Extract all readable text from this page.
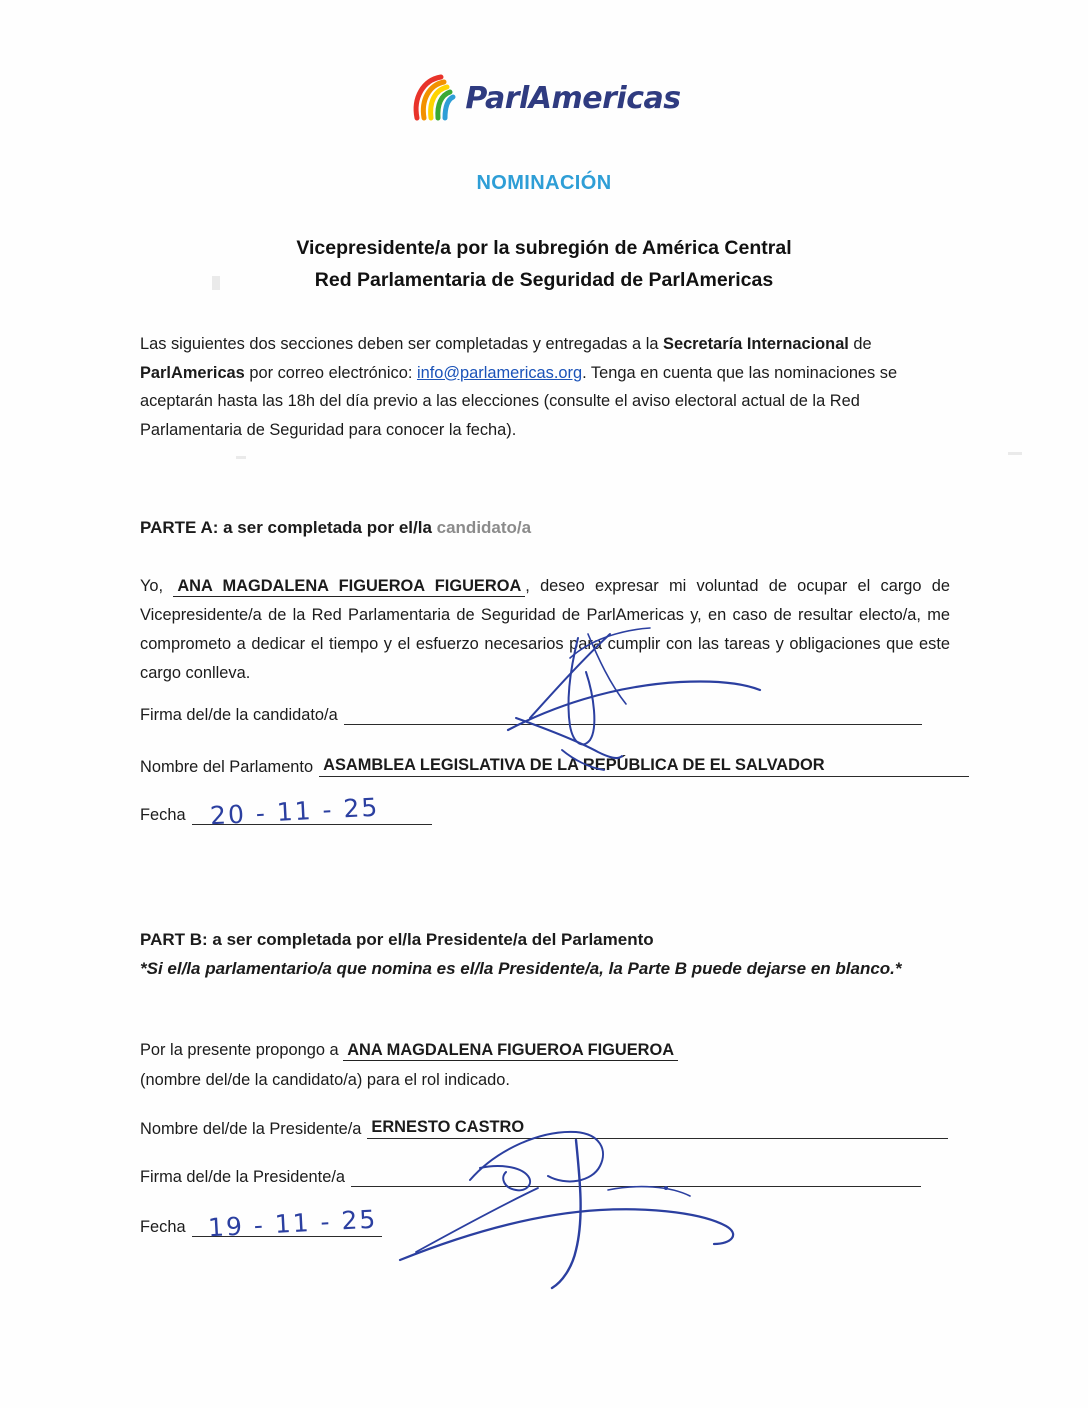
ParlAmericas
NOMINACIÓN
Vicepresidente/a por la subregión de América Central
Red Parlamentaria de Seguridad de ParlAmericas
Las siguientes dos secciones deben ser completadas y entregadas a la Secretaría Internacional de ParlAmericas por correo electrónico: info@parlamericas.org. Tenga en cuenta que las nominaciones se aceptarán hasta las 18h del día previo a las elecciones (consulte el aviso electoral actual de la Red Parlamentaria de Seguridad para conocer la fecha).
PARTE A: a ser completada por el/la candidato/a
Yo, ANA MAGDALENA FIGUEROA FIGUEROA , deseo expresar mi voluntad de ocupar el cargo de Vicepresidente/a de la Red Parlamentaria de Seguridad de ParlAmericas y, en caso de resultar electo/a, me comprometo a dedicar el tiempo y el esfuerzo necesarios para cumplir con las tareas y obligaciones que este cargo conlleva.
Firma del/de la candidato/a
Nombre del Parlamento ASAMBLEA LEGISLATIVA DE LA REPÚBLICA DE EL SALVADOR
Fecha 20 - 11 - 25
PART B: a ser completada por el/la Presidente/a del Parlamento
*Si el/la parlamentario/a que nomina es el/la Presidente/a, la Parte B puede dejarse en blanco.*
Por la presente propongo a ANA MAGDALENA FIGUEROA FIGUEROA
(nombre del/de la candidato/a) para el rol indicado.
Nombre del/de la Presidente/a ERNESTO CASTRO
Firma del/de la Presidente/a
Fecha 19 - 11 - 25
